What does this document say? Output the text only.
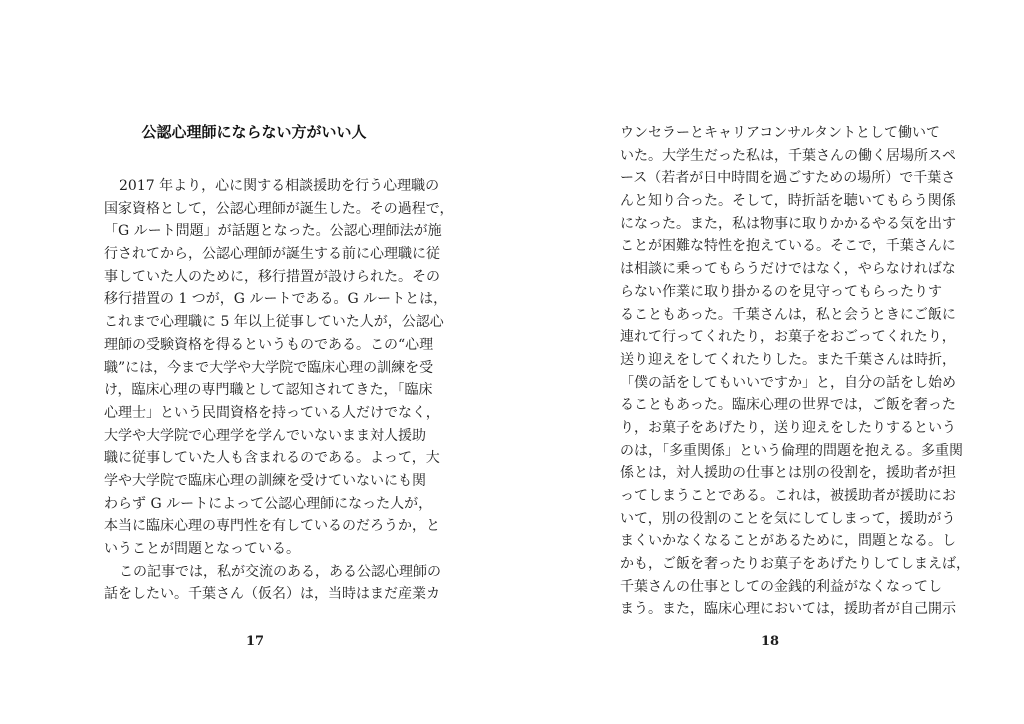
公認心理師にならない方がいい人
2017 年より，心に関する相談援助を行う心理職の
国家資格として，公認心理師が誕生した。その過程で，
「G ルート問題」が話題となった。公認心理師法が施
行されてから，公認心理師が誕生する前に心理職に従
事していた人のために，移行措置が設けられた。その
移行措置の 1 つが，G ルートである。G ルートとは，
これまで心理職に 5 年以上従事していた人が，公認心
理師の受験資格を得るというものである。この“心理
職”には，今まで大学や大学院で臨床心理の訓練を受
け，臨床心理の専門職として認知されてきた，「臨床
心理士」という民間資格を持っている人だけでなく，
大学や大学院で心理学を学んでいないまま対人援助
職に従事していた人も含まれるのである。よって，大
学や大学院で臨床心理の訓練を受けていないにも関
わらず G ルートによって公認心理師になった人が，
本当に臨床心理の専門性を有しているのだろうか，と
いうことが問題となっている。
この記事では，私が交流のある，ある公認心理師の
話をしたい。千葉さん（仮名）は，当時はまだ産業カ
17
ウンセラーとキャリアコンサルタントとして働いて
いた。大学生だった私は，千葉さんの働く居場所スペ
ース（若者が日中時間を過ごすための場所）で千葉さ
んと知り合った。そして，時折話を聴いてもらう関係
になった。また，私は物事に取りかかるやる気を出す
ことが困難な特性を抱えている。そこで，千葉さんに
は相談に乗ってもらうだけではなく，やらなければな
らない作業に取り掛かるのを見守ってもらったりす
ることもあった。千葉さんは，私と会うときにご飯に
連れて行ってくれたり，お菓子をおごってくれたり，
送り迎えをしてくれたりした。また千葉さんは時折，
「僕の話をしてもいいですか」と，自分の話をし始め
ることもあった。臨床心理の世界では，ご飯を奢った
り，お菓子をあげたり，送り迎えをしたりするという
のは，「多重関係」という倫理的問題を抱える。多重関
係とは，対人援助の仕事とは別の役割を，援助者が担
ってしまうことである。これは，被援助者が援助にお
いて，別の役割のことを気にしてしまって，援助がう
まくいかなくなることがあるために，問題となる。し
かも，ご飯を奢ったりお菓子をあげたりしてしまえば，
千葉さんの仕事としての金銭的利益がなくなってし
まう。また，臨床心理においては，援助者が自己開示
18
